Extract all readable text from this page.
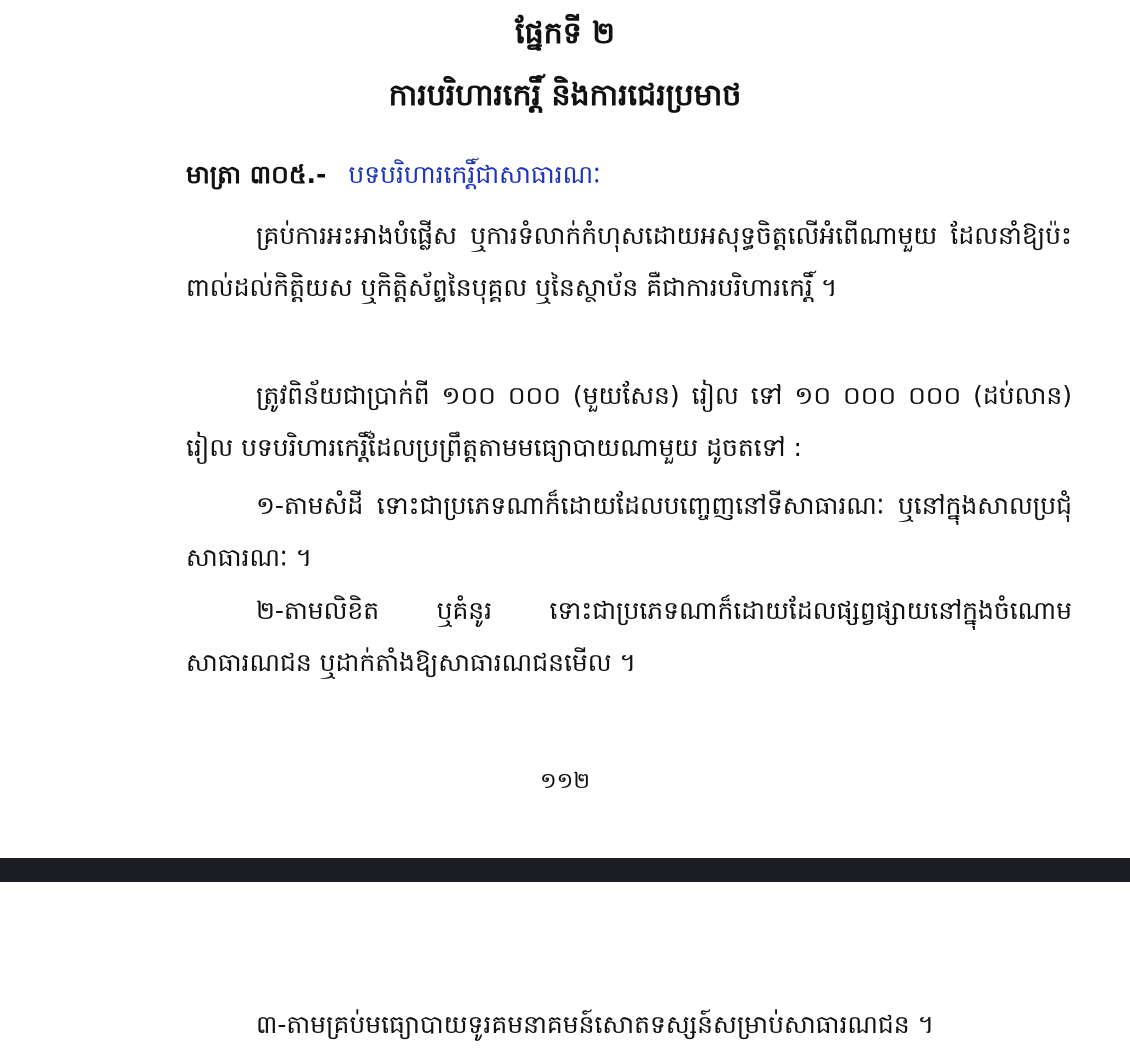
ផ្នែកទី ២
ការបរិហារកេរ្តិ៍ និងការជេរប្រមាថ
មាត្រា ៣០៥.- បទបរិហារកេរ្តិ៍ជាសាធារណៈ

គ្រប់ការអះអាងបំផ្លើស ឬការទំលាក់កំហុសដោយអសុទ្ធចិត្តលើអំពើណាមួយ ដែលនាំឱ្យប៉ះពាល់ដល់កិត្តិយស ឬកិត្តិស័ព្ទនៃបុគ្គល ឬនៃស្ថាប័ន គឺជាការបរិហារកេរ្តិ៍ ។

ត្រូវពិន័យជាប្រាក់ពី ១០០ ០០០ (មួយសែន) រៀល ទៅ ១០ ០០០ ០០០ (ដប់លាន) រៀល បទបរិហារកេរ្តិ៍ដែលប្រព្រឹត្តតាមមធ្យោបាយណាមួយ ដូចតទៅ :

១-តាមសំដី ទោះជាប្រភេទណាក៏ដោយដែលបញ្ចេញនៅទីសាធារណៈ ឬនៅក្នុងសាលប្រជុំសាធារណៈ ។

២-តាមលិខិត ឬគំនូរ ទោះជាប្រភេទណាក៏ដោយដែលផ្សព្វផ្សាយនៅក្នុងចំណោមសាធារណជន ឬដាក់តាំងឱ្យសាធារណជនមើល ។

១១២
៣-តាមគ្រប់មធ្យោបាយទូរគមនាគមន៍សោតទស្សន៍សម្រាប់សាធារណជន ។
